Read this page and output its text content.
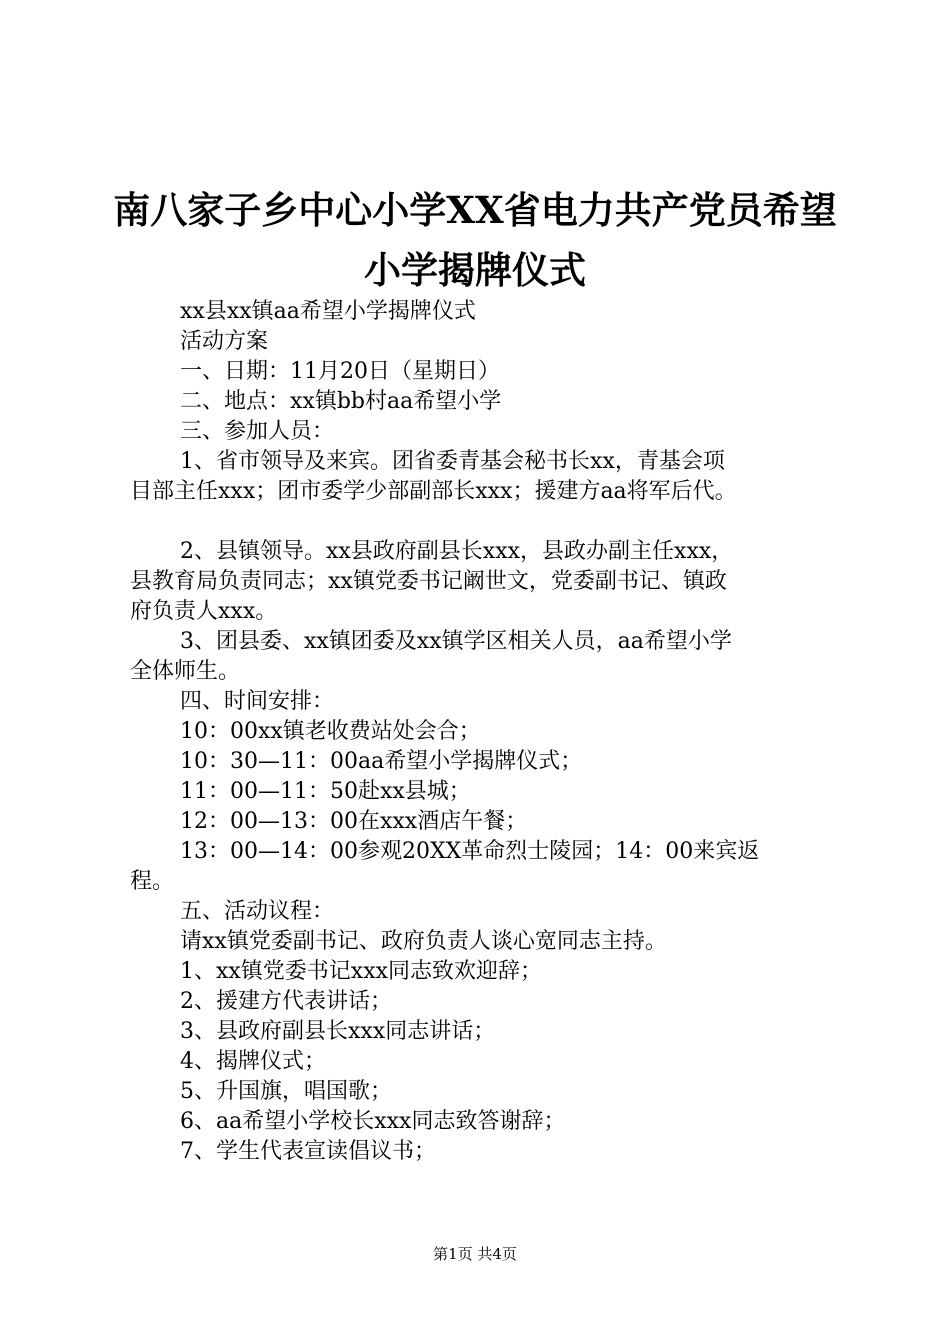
南八家子乡中心小学XX省电力共产党员希望
小学揭牌仪式

xx县xx镇aa希望小学揭牌仪式

活动方案

一、日期：11月20日（星期日）

二、地点：xx镇bb村aa希望小学

三、参加人员：

1、省市领导及来宾。团省委青基会秘书长xx，青基会项

目部主任xxx；团市委学少部副部长xxx；援建方aa将军后代。

2、县镇领导。xx县政府副县长xxx，县政办副主任xxx，

县教育局负责同志；xx镇党委书记阚世文，党委副书记、镇政

府负责人xxx。

3、团县委、xx镇团委及xx镇学区相关人员，aa希望小学

全体师生。

四、时间安排：

10：00xx镇老收费站处会合；

10：30—11：00aa希望小学揭牌仪式；

11：00—11：50赴xx县城；

12：00—13：00在xxx酒店午餐；

13：00—14：00参观20XX革命烈士陵园；14：00来宾返

程。

五、活动议程：

请xx镇党委副书记、政府负责人谈心宽同志主持。

1、xx镇党委书记xxx同志致欢迎辞；

2、援建方代表讲话；

3、县政府副县长xxx同志讲话；

4、揭牌仪式；

5、升国旗，唱国歌；

6、aa希望小学校长xxx同志致答谢辞；

7、学生代表宣读倡议书；

第1页 共4页
